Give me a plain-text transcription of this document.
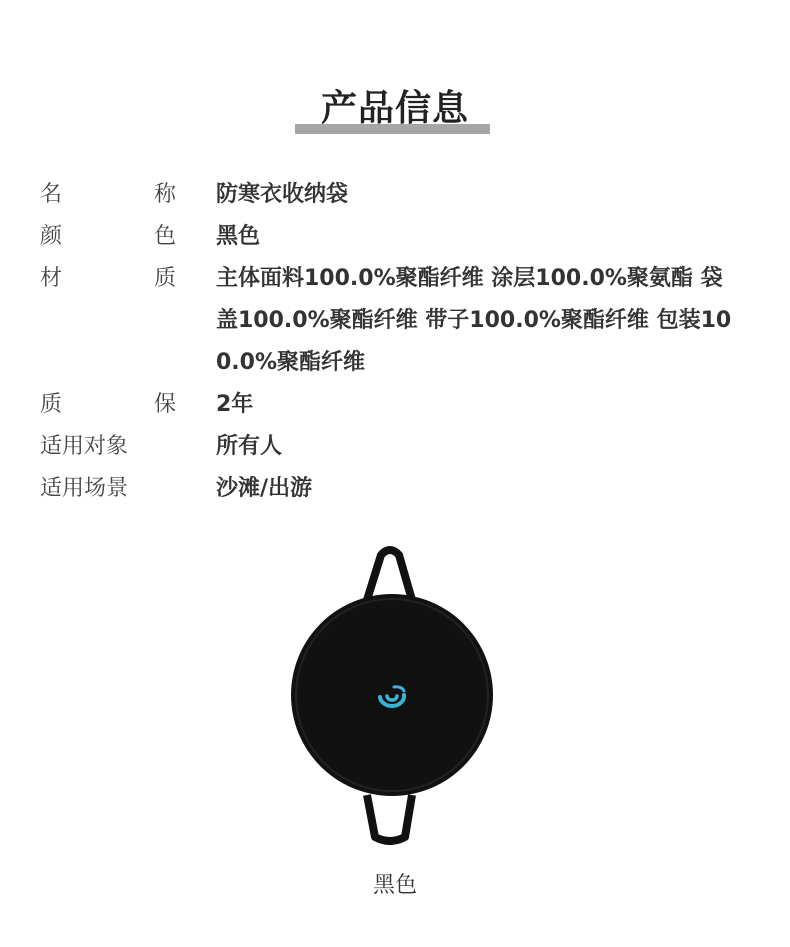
产品信息
名	称 防寒衣收纳袋
颜	色 黑色
材	质 主体面料100.0%聚酯纤维 涂层100.0%聚氨酯 袋盖100.0%聚酯纤维 带子100.0%聚酯纤维 包装100.0%聚酯纤维
质	保 2年
适用对象	所有人
适用场景	沙滩/出游
黑色
